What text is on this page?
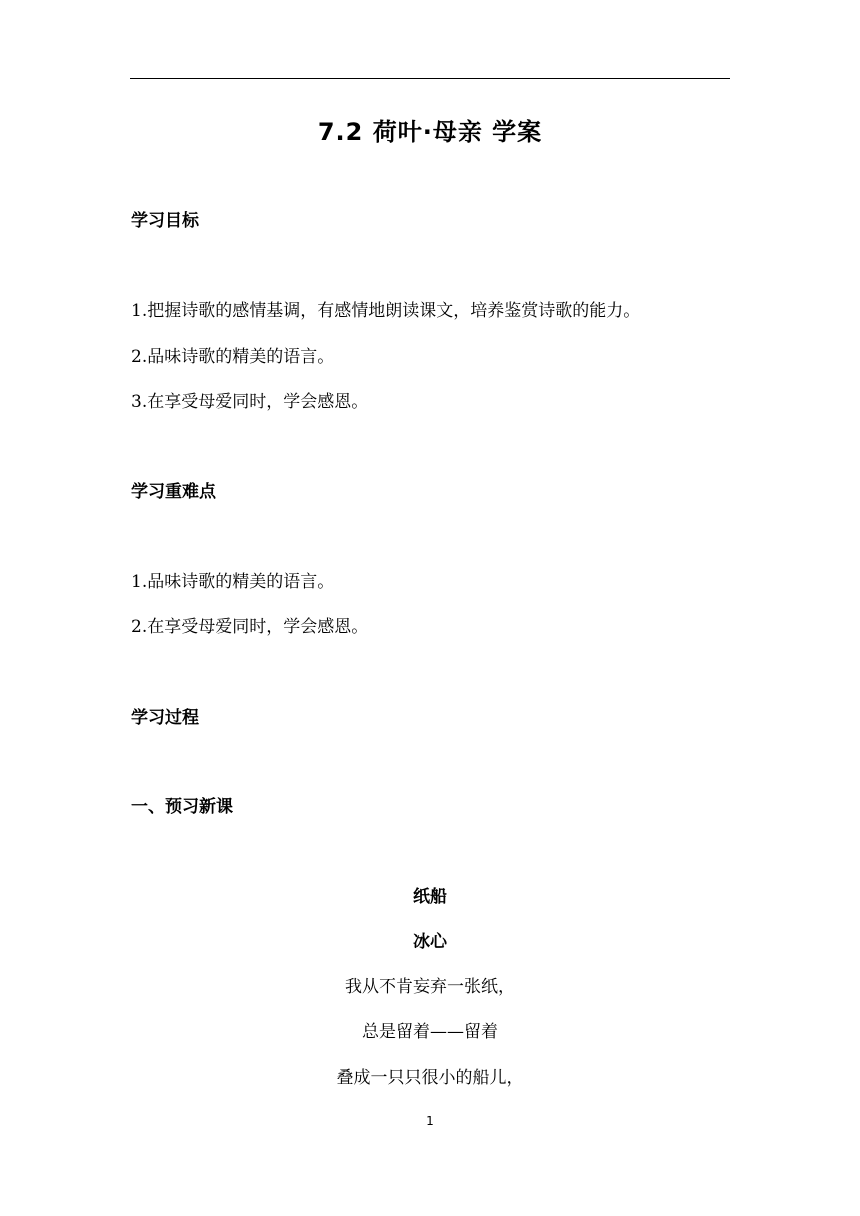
7.2 荷叶·母亲 学案
学习目标
1.把握诗歌的感情基调，有感情地朗读课文，培养鉴赏诗歌的能力。
2.品味诗歌的精美的语言。
3.在享受母爱同时，学会感恩。
学习重难点
1.品味诗歌的精美的语言。
2.在享受母爱同时，学会感恩。
学习过程
一、预习新课
纸船
冰心
我从不肯妄弃一张纸，
总是留着——留着
叠成一只只很小的船儿，
1
